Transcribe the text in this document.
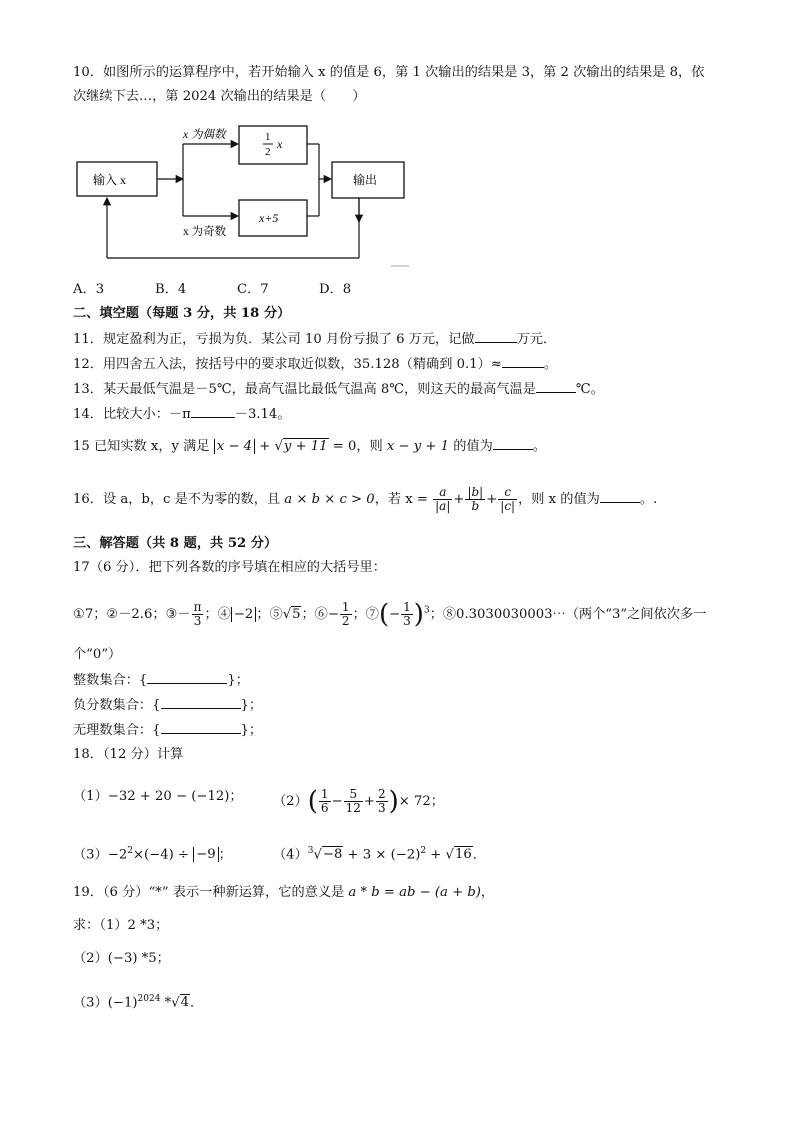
10．如图所示的运算程序中，若开始输入 x 的值是 6，第 1 次输出的结果是 3，第 2 次输出的结果是 8，依
次继续下去…，第 2024 次输出的结果是（　　）
输入 x
x 为偶数
x 为奇数
1
2
x
x+5
输出
A．3	B．4	C．7	D．8
二、填空题（每题 3 分，共 18 分）
11．规定盈利为正，亏损为负．某公司 10 月份亏损了 6 万元，记做	万元．
12．用四舍五入法，按括号中的要求取近似数，35.128（精确到 0.1）≈	。
13．某天最低气温是－5℃，最高气温比最低气温高 8℃，则这天的最高气温是	℃。
14．比较大小：－π	－3.14。
15 已知实数 x，y 满足 x − 4 + √y + 11 = 0，则 x − y + 1 的值为	。
16．设 a，b，c 是不为零的数，且 a × b × c > 0，若 $x = \frac{a}{|a|} + \frac{|b|}{b} + \frac{c}{|c|}$ ，则 x 的值为	。.
三、解答题（共 8 题，共 52 分）
17（6 分）．把下列各数的序号填在相应的大括号里：
①7；②－2.6；③－ $\frac{\pi}{3}$ ；④ −2 ；⑤√5；⑥− $\frac{1}{2}$ ；⑦(− $\frac{1}{3} )^3$；⑧0.3030030003⋯（两个“3”之间依次多一
个“0”）
整数集合：{	}；
负分数集合：{	}；
无理数集合：{	}；
18．（12 分）计算
（1）−32 + 20 − (−12)； $(2)( \frac{1}{6} - \frac{5}{12} + \frac{2}{3}$ )× 72；
$(3)-2^2\times(-4) \div -9$ ；	$(4)^3√-8 + 3 \times (-2)^2 + √16$．
19．（6 分）“*” 表示一种新运算，它的意义是 a * b = ab − (a + b)，
求：（1）2 *3；
（2）(−3) *5；
$(3)(-1)^{2024}$ *√4．
